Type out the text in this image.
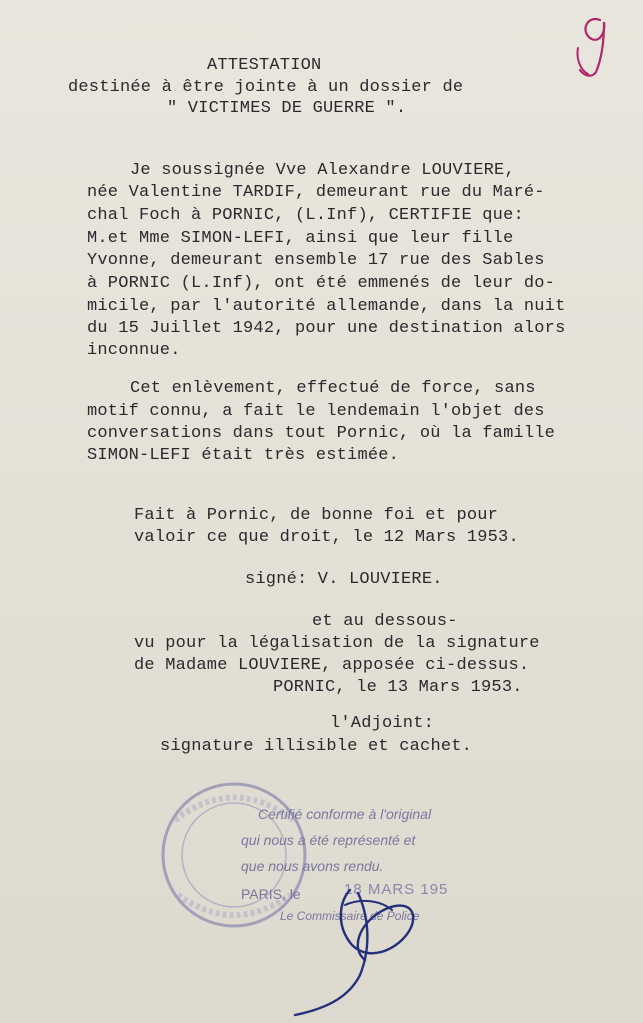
ATTESTATION
destinée à être jointe à un dossier de
" VICTIMES DE GUERRE ".
Je soussignée Vve Alexandre LOUVIERE,
née Valentine TARDIF, demeurant rue du Maré-
chal Foch à PORNIC, (L.Inf), CERTIFIE que:
M.et Mme SIMON-LEFI, ainsi que leur fille
Yvonne, demeurant ensemble 17 rue des Sables
à PORNIC (L.Inf), ont été emmenés de leur do-
micile, par l'autorité allemande, dans la nuit
du 15 Juillet 1942, pour une destination alors
inconnue.
Cet enlèvement, effectué de force, sans
motif connu, a fait le lendemain l'objet des
conversations dans tout Pornic, où la famille
SIMON-LEFI était très estimée.
Fait à Pornic, de bonne foi et pour
valoir ce que droit, le 12 Mars 1953.
signé: V. LOUVIERE.
et au dessous-
vu pour la légalisation de la signature
de Madame LOUVIERE, apposée ci-dessus.
PORNIC, le 13 Mars 1953.
l'Adjoint:
signature illisible et cachet.
Certifié conforme à l'original
qui nous a été représenté et
que nous avons rendu.
PARIS, le	18 MARS 195
Le Commissaire de Police
